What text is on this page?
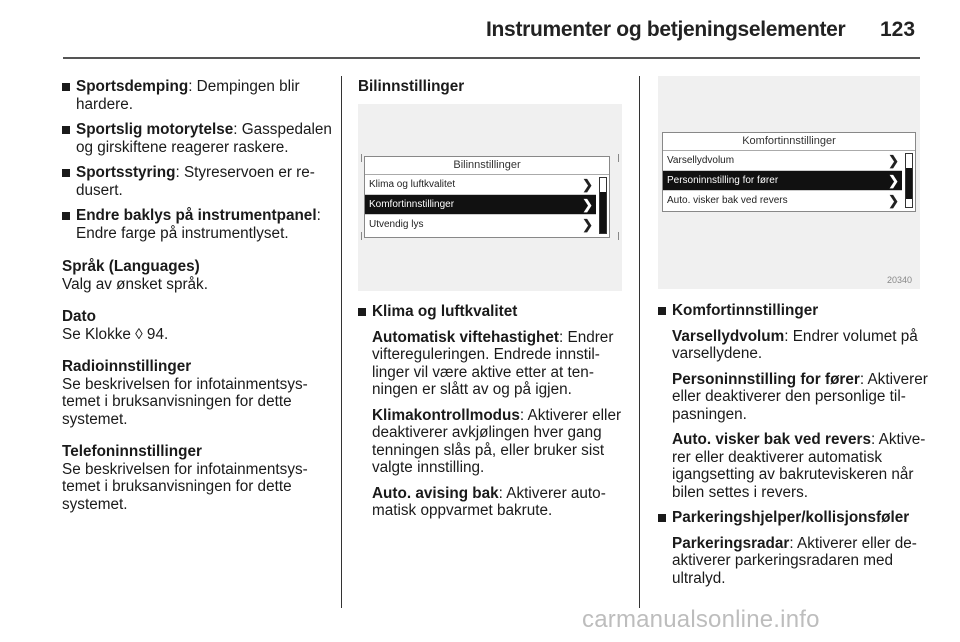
Instrumenter og betjeningselementer 123
Sportsdemping: Dempingen blir hardere.
Sportslig motorytelse: Gasspedalen og girskiftene reagerer raskere.
Sportsstyring: Styreservoen er redusert.
Endre baklys på instrumentpanel: Endre farge på instrumentlyset.
Språk (Languages)
Valg av ønsket språk.
Dato
Se Klokke ◊ 94.
Radioinnstillinger
Se beskrivelsen for infotainmentsystemet i bruksanvisningen for dette systemet.
Telefoninnstillinger
Se beskrivelsen for infotainmentsystemet i bruksanvisningen for dette systemet.
Bilinnstillinger
Bilinnstillinger
Klima og luftkvalitet	❯
Komfortinnstillinger	❯
Utvendig lys	❯
Klima og luftkvalitet
Automatisk viftehastighet: Endrer viftereguleringen. Endrede innstillinger vil være aktive etter at tenningen er slått av og på igjen.
Klimakontrollmodus: Aktiverer eller deaktiverer avkjølingen hver gang tenningen slås på, eller bruker sist valgte innstilling.
Auto. avising bak: Aktiverer automatisk oppvarmet bakrute.
Komfortinnstillinger
Varsellydvolum	❯
Personinnstilling for fører	❯
Auto. visker bak ved revers	❯
20340
Komfortinnstillinger
Varsellydvolum: Endrer volumet på varsellydene.
Personinnstilling for fører: Aktiverer eller deaktiverer den personlige tilpasningen.
Auto. visker bak ved revers: Aktiverer eller deaktiverer automatisk igangsetting av bakruteviskeren når bilen settes i revers.
Parkeringshjelper/kollisjonsføler
Parkeringsradar: Aktiverer eller deaktiverer parkeringsradaren med ultralyd.
carmanualsonline.info
